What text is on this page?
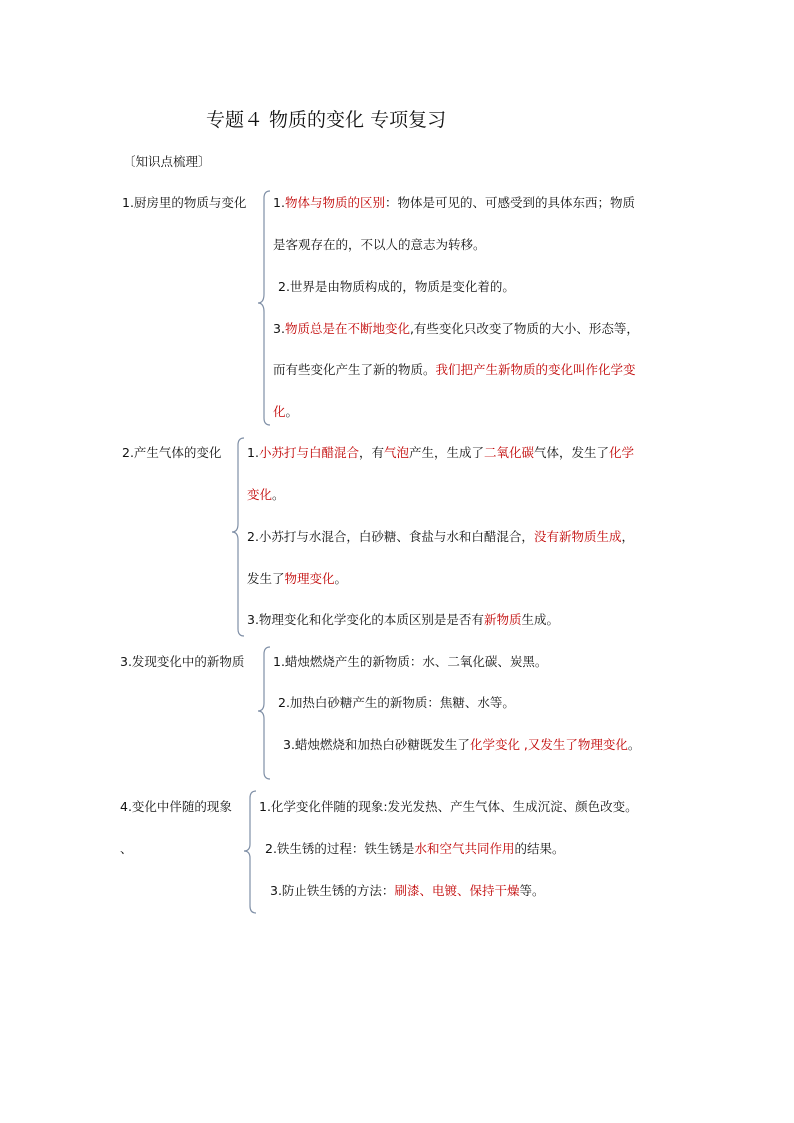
专题４ 物质的变化 专项复习
〔知识点梳理〕
1.厨房里的物质与变化 1.物体与物质的区别：物体是可见的、可感受到的具体东西；物质
是客观存在的，不以人的意志为转移。
2.世界是由物质构成的，物质是变化着的。
3.物质总是在不断地变化,有些变化只改变了物质的大小、形态等，
而有些变化产生了新的物质。我们把产生新物质的变化叫作化学变
化。
2.产生气体的变化 1.小苏打与白醋混合，有气泡产生，生成了二氧化碳气体，发生了化学
变化。
2.小苏打与水混合，白砂糖、食盐与水和白醋混合，没有新物质生成，
发生了物理变化。
3.物理变化和化学变化的本质区别是是否有新物质生成。
3.发现变化中的新物质 1.蜡烛燃烧产生的新物质：水、二氧化碳、炭黑。
2.加热白砂糖产生的新物质：焦糖、水等。
3.蜡烛燃烧和加热白砂糖既发生了化学变化 ,又发生了物理变化。
4.变化中伴随的现象
、
1.化学变化伴随的现象:发光发热、产生气体、生成沉淀、颜色改变。
2.铁生锈的过程：铁生锈是水和空气共同作用的结果。
3.防止铁生锈的方法：刷漆、电镀、保持干燥等。
